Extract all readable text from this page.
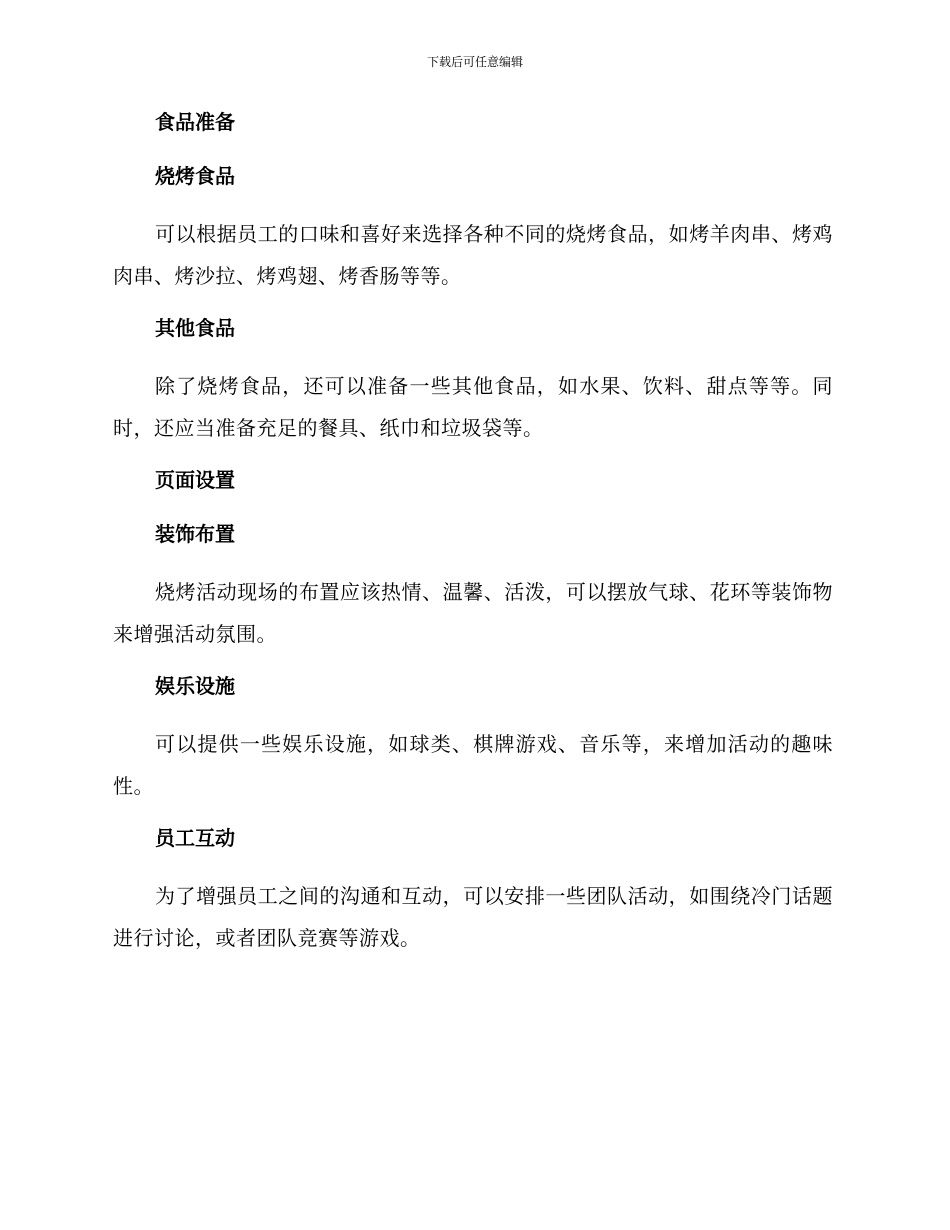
下载后可任意编辑
食品准备
烧烤食品

可以根据员工的口味和喜好来选择各种不同的烧烤食品，如烤羊肉串、烤鸡肉串、烤沙拉、烤鸡翅、烤香肠等等。

其他食品

除了烧烤食品，还可以准备一些其他食品，如水果、饮料、甜点等等。同时，还应当准备充足的餐具、纸巾和垃圾袋等。

页面设置
装饰布置

烧烤活动现场的布置应该热情、温馨、活泼，可以摆放气球、花环等装饰物来增强活动氛围。

娱乐设施

可以提供一些娱乐设施，如球类、棋牌游戏、音乐等，来增加活动的趣味性。

员工互动

为了增强员工之间的沟通和互动，可以安排一些团队活动，如围绕冷门话题进行讨论，或者团队竞赛等游戏。
